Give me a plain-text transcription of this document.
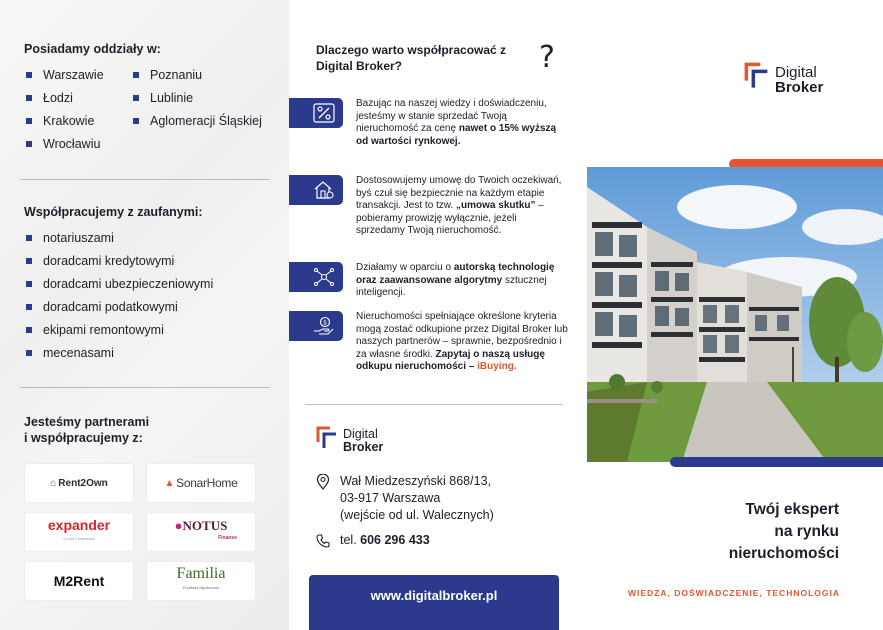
Posiadamy oddziały w:
Warszawie
Łodzi
Krakowie
Wrocławiu
Poznaniu
Lublinie
Aglomeracji Śląskiej
Współpracujemy z zaufanymi:
notariuszami
doradcami kredytowymi
doradcami ubezpieczeniowymi
doradcami podatkowymi
ekipami remontowymi
mecenasami
Jesteśmy partnerami
i współpracujemy z:
⌂ Rent2Own	▲ SonarHome
expander
Grupa Finansowa
●NOTUS
Finanse
M2Rent	Familia
Fundusz Hipoteczny
Dlaczego warto współpracować z Digital Broker?	?

Bazując na naszej wiedzy i doświadczeniu, jesteśmy w stanie sprzedać Twoją nieruchomość za cenę nawet o 15% wyższą od wartości rynkowej.

Dostosowujemy umowę do Twoich oczekiwań, byś czuł się bezpiecznie na każdym etapie transakcji. Jest to tzw. „umowa skutku” – pobieramy prowizję wyłącznie, jeżeli sprzedamy Twoją nieruchomość.

Działamy w oparciu o autorską technologię oraz zaawansowane algorytmy sztucznej inteligencji.

$

Nieruchomości spełniające określone kryteria mogą zostać odkupione przez Digital Broker lub naszych partnerów – sprawnie, bezpośrednio i za własne środki. Zapytaj o naszą usługę odkupu nieruchomości – iBuying.

Digital
Broker
Wał Miedzeszyński 868/13,
03-917 Warszawa
(wejście od ul. Walecznych)
tel. 606 296 433
www.digitalbroker.pl
Digital
Broker
Twój ekspert
na rynku
nieruchomości
WIEDZA, DOŚWIADCZENIE, TECHNOLOGIA
